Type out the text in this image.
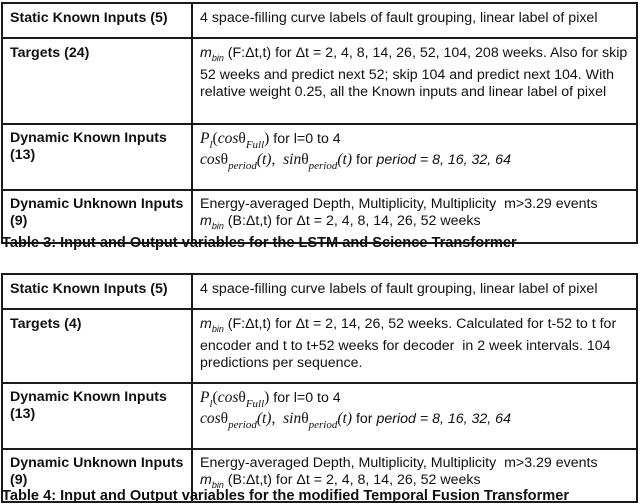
Static Known Inputs (5)	4 space-filling curve labels of fault grouping, linear label of pixel
Targets (24)	$m_{bin}$ (F:Δt,t) for Δt = 2, 4, 8, 14, 26, 52, 104, 208 weeks. Also for skip 52 weeks and predict next 52; skip 104 and predict next 104. With relative weight 0.25, all the Known inputs and linear label of pixel
Dynamic Known Inputs (13)	$P_l(\cos\theta_{Full})$ for l=0 to 4
cosθ$_{period}$(t),  sinθ$_{period}$(t) for period = 8, 16, 32, 64

Dynamic Unknown Inputs (9)	Energy-averaged Depth, Multiplicity, Multiplicity  m>3.29 events
$m_{bin}$ (B:Δt,t) for Δt = 2, 4, 8, 14, 26, 52 weeks
Table 3: Input and Output variables for the LSTM and Science Transformer
Static Known Inputs (5)	4 space-filling curve labels of fault grouping, linear label of pixel
Targets (4)	$m_{bin}$ (F:Δt,t) for Δt = 2, 14, 26, 52 weeks. Calculated for t-52 to t for encoder and t to t+52 weeks for decoder  in 2 week intervals. 104 predictions per sequence.
Dynamic Known Inputs (13)	$P_l(\cos\theta_{Full})$ for l=0 to 4
cosθ$_{period}$(t),  sinθ$_{period}$(t) for period = 8, 16, 32, 64

Dynamic Unknown Inputs (9)	Energy-averaged Depth, Multiplicity, Multiplicity  m>3.29 events
$m_{bin}$ (B:Δt,t) for Δt = 2, 4, 8, 14, 26, 52 weeks
Table 4: Input and Output variables for the modified Temporal Fusion Transformer
